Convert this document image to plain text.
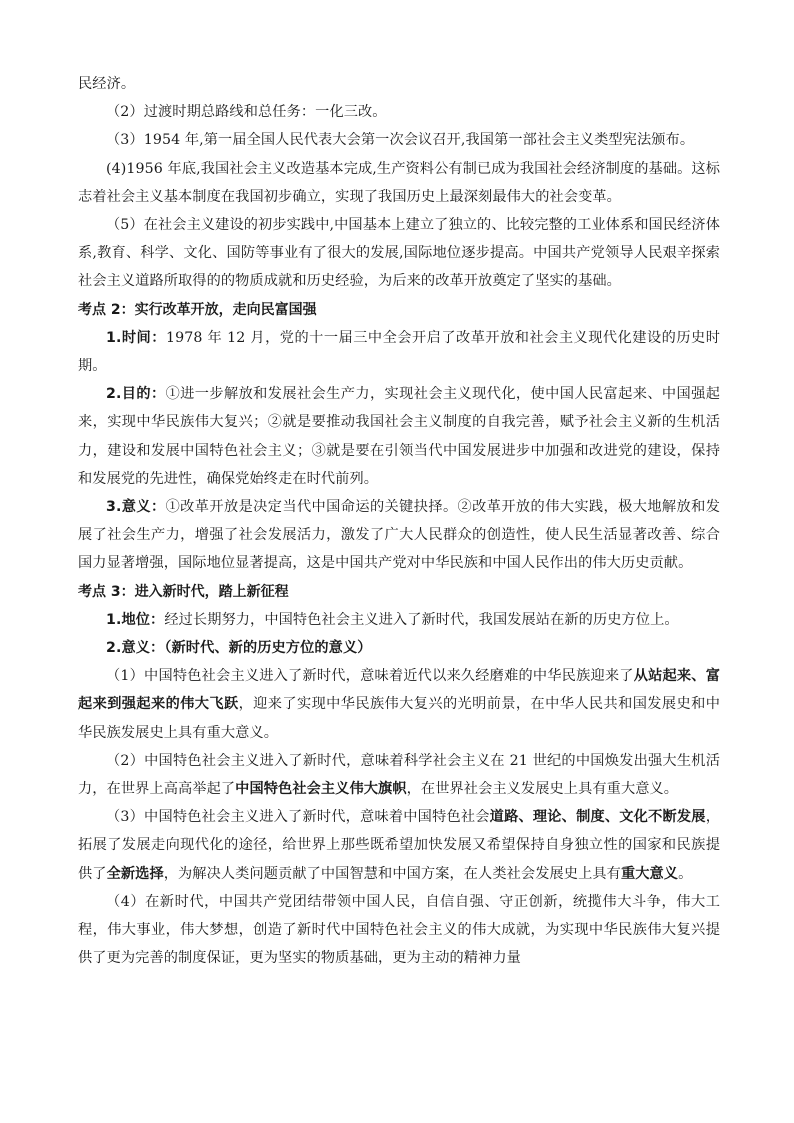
民经济。

（2）过渡时期总路线和总任务：一化三改。

（3）1954 年,第一届全国人民代表大会第一次会议召开,我国第一部社会主义类型宪法颁布。

(4)1956 年底,我国社会主义改造基本完成,生产资料公有制已成为我国社会经济制度的基础。这标志着社会主义基本制度在我国初步确立，实现了我国历史上最深刻最伟大的社会变革。

（5）在社会主义建设的初步实践中,中国基本上建立了独立的、比较完整的工业体系和国民经济体系,教育、科学、文化、国防等事业有了很大的发展,国际地位逐步提高。中国共产党领导人民艰辛探索社会主义道路所取得的的物质成就和历史经验，为后来的改革开放奠定了坚实的基础。

考点 2：实行改革开放，走向民富国强

1.时间：1978 年 12 月，党的十一届三中全会开启了改革开放和社会主义现代化建设的历史时期。

2.目的：①进一步解放和发展社会生产力，实现社会主义现代化，使中国人民富起来、中国强起来，实现中华民族伟大复兴；②就是要推动我国社会主义制度的自我完善，赋予社会主义新的生机活力，建设和发展中国特色社会主义；③就是要在引领当代中国发展进步中加强和改进党的建设，保持和发展党的先进性，确保党始终走在时代前列。

3.意义：①改革开放是决定当代中国命运的关键抉择。②改革开放的伟大实践，极大地解放和发展了社会生产力，增强了社会发展活力，激发了广大人民群众的创造性，使人民生活显著改善、综合国力显著增强，国际地位显著提高，这是中国共产党对中华民族和中国人民作出的伟大历史贡献。

考点 3：进入新时代，踏上新征程

1.地位：经过长期努力，中国特色社会主义进入了新时代，我国发展站在新的历史方位上。

2.意义：（新时代、新的历史方位的意义）

（1）中国特色社会主义进入了新时代，意味着近代以来久经磨难的中华民族迎来了从站起来、富起来到强起来的伟大飞跃，迎来了实现中华民族伟大复兴的光明前景，在中华人民共和国发展史和中华民族发展史上具有重大意义。

（2）中国特色社会主义进入了新时代，意味着科学社会主义在 21 世纪的中国焕发出强大生机活力，在世界上高高举起了中国特色社会主义伟大旗帜，在世界社会主义发展史上具有重大意义。

（3）中国特色社会主义进入了新时代，意味着中国特色社会道路、理论、制度、文化不断发展，拓展了发展走向现代化的途径，给世界上那些既希望加快发展又希望保持自身独立性的国家和民族提供了全新选择，为解决人类问题贡献了中国智慧和中国方案，在人类社会发展史上具有重大意义。

（4）在新时代，中国共产党团结带领中国人民，自信自强、守正创新，统揽伟大斗争，伟大工程，伟大事业，伟大梦想，创造了新时代中国特色社会主义的伟大成就，为实现中华民族伟大复兴提供了更为完善的制度保证，更为坚实的物质基础，更为主动的精神力量
